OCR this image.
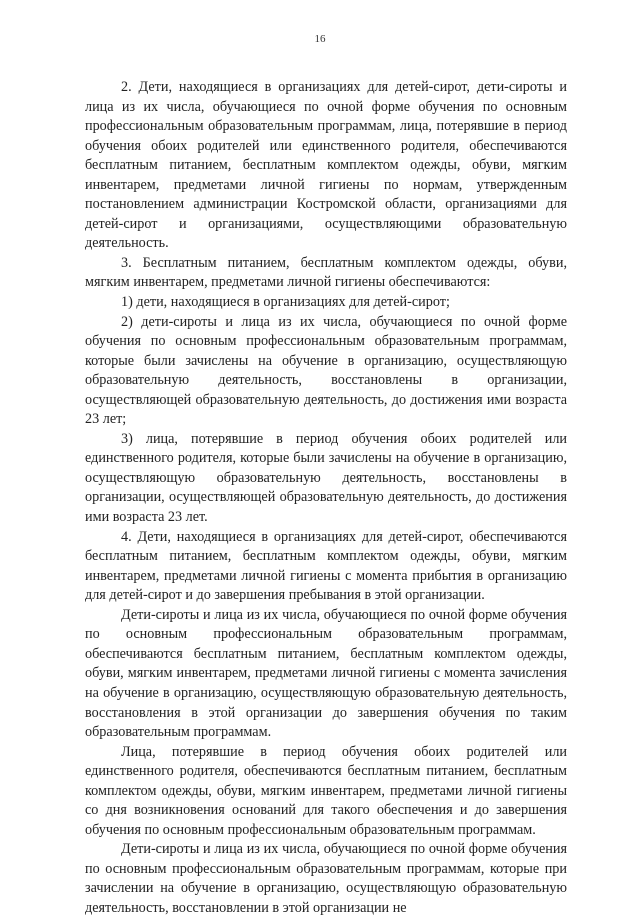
16

2. Дети, находящиеся в организациях для детей-сирот, дети-сироты и лица из их числа, обучающиеся по очной форме обучения по основным профессиональным образовательным программам, лица, потерявшие в период обучения обоих родителей или единственного родителя, обеспечиваются бесплатным питанием, бесплатным комплектом одежды, обуви, мягким инвентарем, предметами личной гигиены по нормам, утвержденным постановлением администрации Костромской области, организациями для детей-сирот и организациями, осуществляющими образовательную деятельность.

3. Бесплатным питанием, бесплатным комплектом одежды, обуви, мягким инвентарем, предметами личной гигиены обеспечиваются:

1) дети, находящиеся в организациях для детей-сирот;

2) дети-сироты и лица из их числа, обучающиеся по очной форме обучения по основным профессиональным образовательным программам, которые были зачислены на обучение в организацию, осуществляющую образовательную деятельность, восстановлены в организации, осуществляющей образовательную деятельность, до достижения ими возраста 23 лет;

3) лица, потерявшие в период обучения обоих родителей или единственного родителя, которые были зачислены на обучение в организацию, осуществляющую образовательную деятельность, восстановлены в организации, осуществляющей образовательную деятельность, до достижения ими возраста 23 лет.

4. Дети, находящиеся в организациях для детей-сирот, обеспечиваются бесплатным питанием, бесплатным комплектом одежды, обуви, мягким инвентарем, предметами личной гигиены с момента прибытия в организацию для детей-сирот и до завершения пребывания в этой организации.

Дети-сироты и лица из их числа, обучающиеся по очной форме обучения по основным профессиональным образовательным программам, обеспечиваются бесплатным питанием, бесплатным комплектом одежды, обуви, мягким инвентарем, предметами личной гигиены с момента зачисления на обучение в организацию, осуществляющую образовательную деятельность, восстановления в этой организации до завершения обучения по таким образовательным программам.

Лица, потерявшие в период обучения обоих родителей или единственного родителя, обеспечиваются бесплатным питанием, бесплатным комплектом одежды, обуви, мягким инвентарем, предметами личной гигиены со дня возникновения оснований для такого обеспечения и до завершения обучения по основным профессиональным образовательным программам.

Дети-сироты и лица из их числа, обучающиеся по очной форме обучения по основным профессиональным образовательным программам, которые при зачислении на обучение в организацию, осуществляющую образовательную деятельность, восстановлении в этой организации не
